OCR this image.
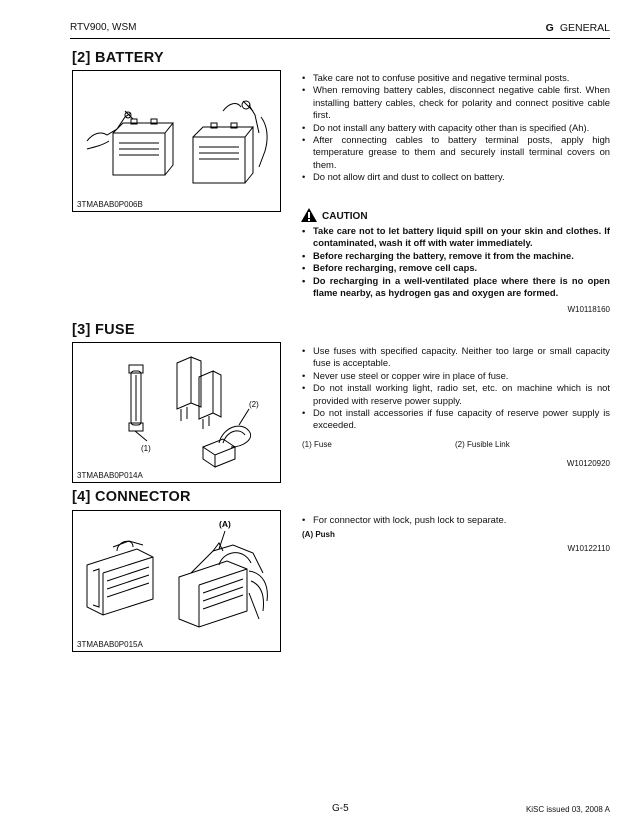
RTV900, WSM	G GENERAL
[2] BATTERY
3TMABAB0P006B
• Take care not to confuse positive and negative terminal posts.
• When removing battery cables, disconnect negative cable first. When installing battery cables, check for polarity and connect positive cable first.
• Do not install any battery with capacity other than is specified (Ah).
• After connecting cables to battery terminal posts, apply high temperature grease to them and securely install terminal covers on them.
• Do not allow dirt and dust to collect on battery.
CAUTION
• Take care not to let battery liquid spill on your skin and clothes. If contaminated, wash it off with water immediately.
• Before recharging the battery, remove it from the machine.
• Before recharging, remove cell caps.
• Do recharging in a well-ventilated place where there is no open flame nearby, as hydrogen gas and oxygen are formed.
W10118160
[3] FUSE
(1)
(2)
3TMABAB0P014A
• Use fuses with specified capacity. Neither too large or small capacity fuse is acceptable.
• Never use steel or copper wire in place of fuse.
• Do not install working light, radio set, etc. on machine which is not provided with reserve power supply.
• Do not install accessories if fuse capacity of reserve power supply is exceeded.
(1) Fuse	(2) Fusible Link
W10120920
[4] CONNECTOR
(A)
3TMABAB0P015A
• For connector with lock, push lock to separate.
(A) Push
W10122110
G-5	KiSC issued 03, 2008 A
